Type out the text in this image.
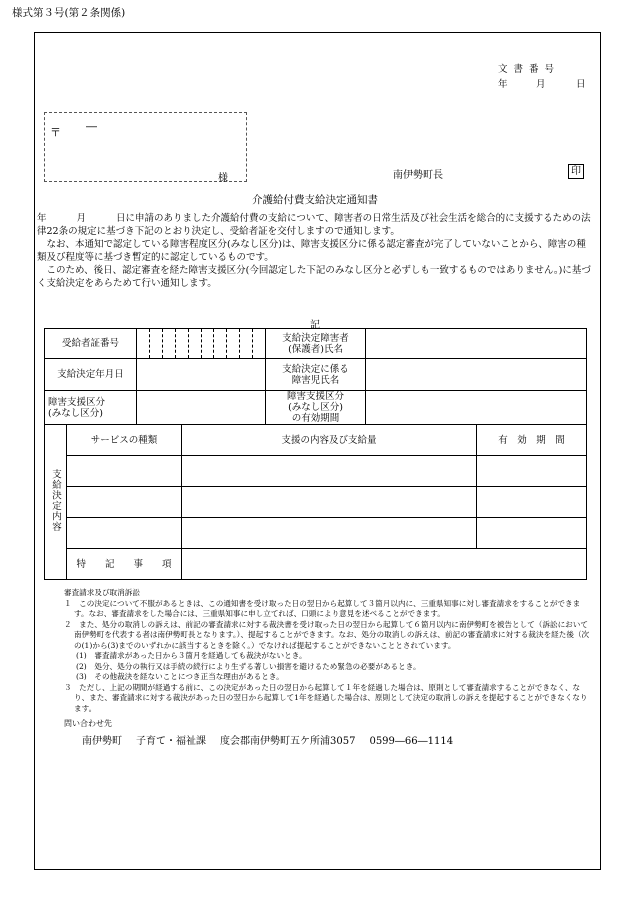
様式第３号(第２条関係)
文書番号
年	月	日
〒 ―
様	南伊勢町長	印
介護給付費支給決定通知書

年	月	日に申請のありました介護給付費の支給について、障害者の日常生活及び社会生活を総合的に支援するための法律22条の規定に基づき下記のとおり決定し、受給者証を交付しますので通知します。

なお、本通知で認定している障害程度区分(みなし区分)は、障害支援区分に係る認定審査が完了していないことから、障害の種類及び程度等に基づき暫定的に認定しているものです。

このため、後日、認定審査を経た障害支援区分(今回認定した下記のみなし区分と必ずしも一致するものではありません。)に基づく支給決定をあらためて行い通知します。

記
受給者証番号				支給決定障害者
(保護者)氏名		
支給決定年月日				支給決定に係る
障害児氏名		
障害支援区分
(みなし区分)				障害支援区分
(みなし区分)
の有効期間		
支給決定内容	サービスの種類		支援の内容及び支給量			有　効　期　間

	特　　記　　事　　項					
審査請求及び取消訴訟
１　この決定について不服があるときは、この通知書を受け取った日の翌日から起算して３箇月以内に、三重県知事に対し審査請求をすることができます。なお、審査請求をした場合には、三重県知事に申し立てれば、口頭により意見を述べることができます。
２　また、処分の取消しの訴えは、前記の審査請求に対する裁決書を受け取った日の翌日から起算して６箇月以内に南伊勢町を被告として（訴訟において南伊勢町を代表する者は南伊勢町長となります。）、提起することができます。なお、処分の取消しの訴えは、前記の審査請求に対する裁決を経た後（次の(1)から(3)までのいずれかに該当するときを除く。）でなければ提起することができないこととされています。
(1)　審査請求があった日から３箇月を経過しても裁決がないとき。
(2)　処分、処分の執行又は手続の続行により生ずる著しい損害を避けるため緊急の必要があるとき。
(3)　その他裁決を経ないことにつき正当な理由があるとき。
３　ただし、上記の期間が経過する前に、この決定があった日の翌日から起算して１年を経過した場合は、原則として審査請求することができなく、なり、また、審査請求に対する裁決があった日の翌日から起算して1年を経過した場合は、原則として決定の取消しの訴えを提起することができなくなります。
問い合わせ先
南伊勢町 子育て・福祉課 度会郡南伊勢町五ケ所浦3057 0599―66―1114
